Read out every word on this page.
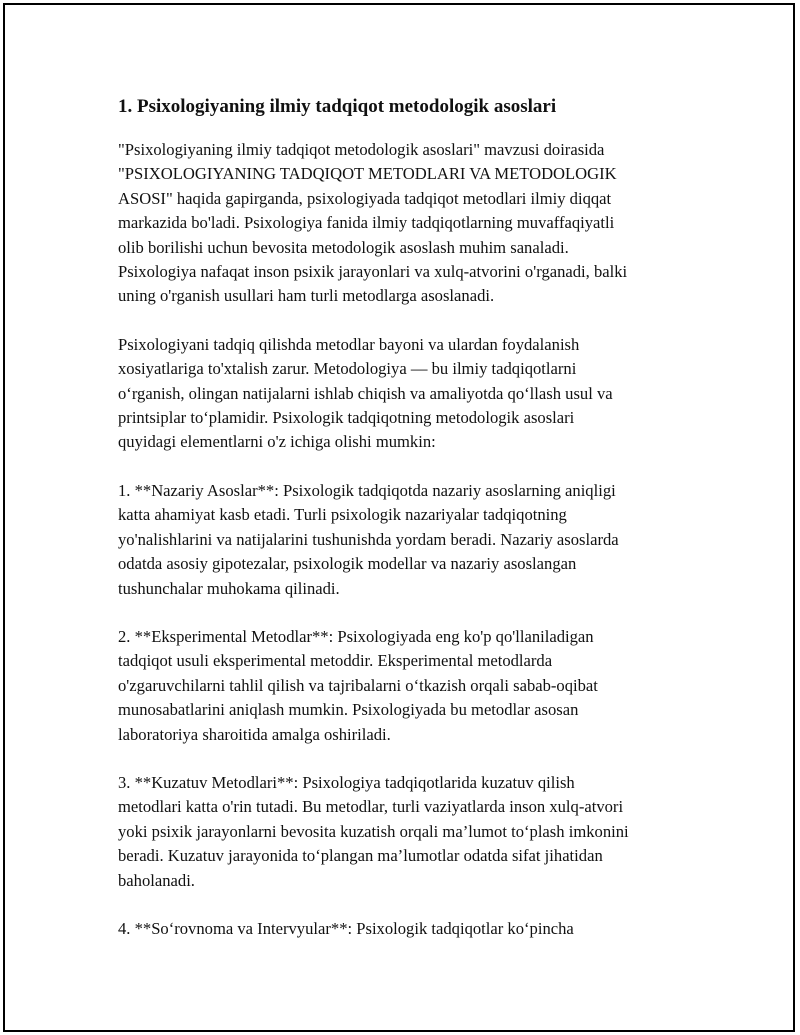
1. Psixologiyaning ilmiy tadqiqot metodologik asoslari

"Psixologiyaning ilmiy tadqiqot metodologik asoslari" mavzusi doirasida
"PSIXOLOGIYANING TADQIQOT METODLARI VA METODOLOGIK
ASOSI" haqida gapirganda, psixologiyada tadqiqot metodlari ilmiy diqqat
markazida bo'ladi. Psixologiya fanida ilmiy tadqiqotlarning muvaffaqiyatli
olib borilishi uchun bevosita metodologik asoslash muhim sanaladi.
Psixologiya nafaqat inson psixik jarayonlari va xulq-atvorini o'rganadi, balki
uning o'rganish usullari ham turli metodlarga asoslanadi.

Psixologiyani tadqiq qilishda metodlar bayoni va ulardan foydalanish
xosiyatlariga to'xtalish zarur. Metodologiya — bu ilmiy tadqiqotlarni
o‘rganish, olingan natijalarni ishlab chiqish va amaliyotda qo‘llash usul va
printsiplar to‘plamidir. Psixologik tadqiqotning metodologik asoslari
quyidagi elementlarni o'z ichiga olishi mumkin:

1. **Nazariy Asoslar**: Psixologik tadqiqotda nazariy asoslarning aniqligi
katta ahamiyat kasb etadi. Turli psixologik nazariyalar tadqiqotning
yo'nalishlarini va natijalarini tushunishda yordam beradi. Nazariy asoslarda
odatda asosiy gipotezalar, psixologik modellar va nazariy asoslangan
tushunchalar muhokama qilinadi.

2. **Eksperimental Metodlar**: Psixologiyada eng ko'p qo'llaniladigan
tadqiqot usuli eksperimental metoddir. Eksperimental metodlarda
o'zgaruvchilarni tahlil qilish va tajribalarni o‘tkazish orqali sabab-oqibat
munosabatlarini aniqlash mumkin. Psixologiyada bu metodlar asosan
laboratoriya sharoitida amalga oshiriladi.

3. **Kuzatuv Metodlari**: Psixologiya tadqiqotlarida kuzatuv qilish
metodlari katta o'rin tutadi. Bu metodlar, turli vaziyatlarda inson xulq-atvori
yoki psixik jarayonlarni bevosita kuzatish orqali ma’lumot to‘plash imkonini
beradi. Kuzatuv jarayonida to‘plangan ma’lumotlar odatda sifat jihatidan
baholanadi.

4. **So‘rovnoma va Intervyular**: Psixologik tadqiqotlar ko‘pincha
